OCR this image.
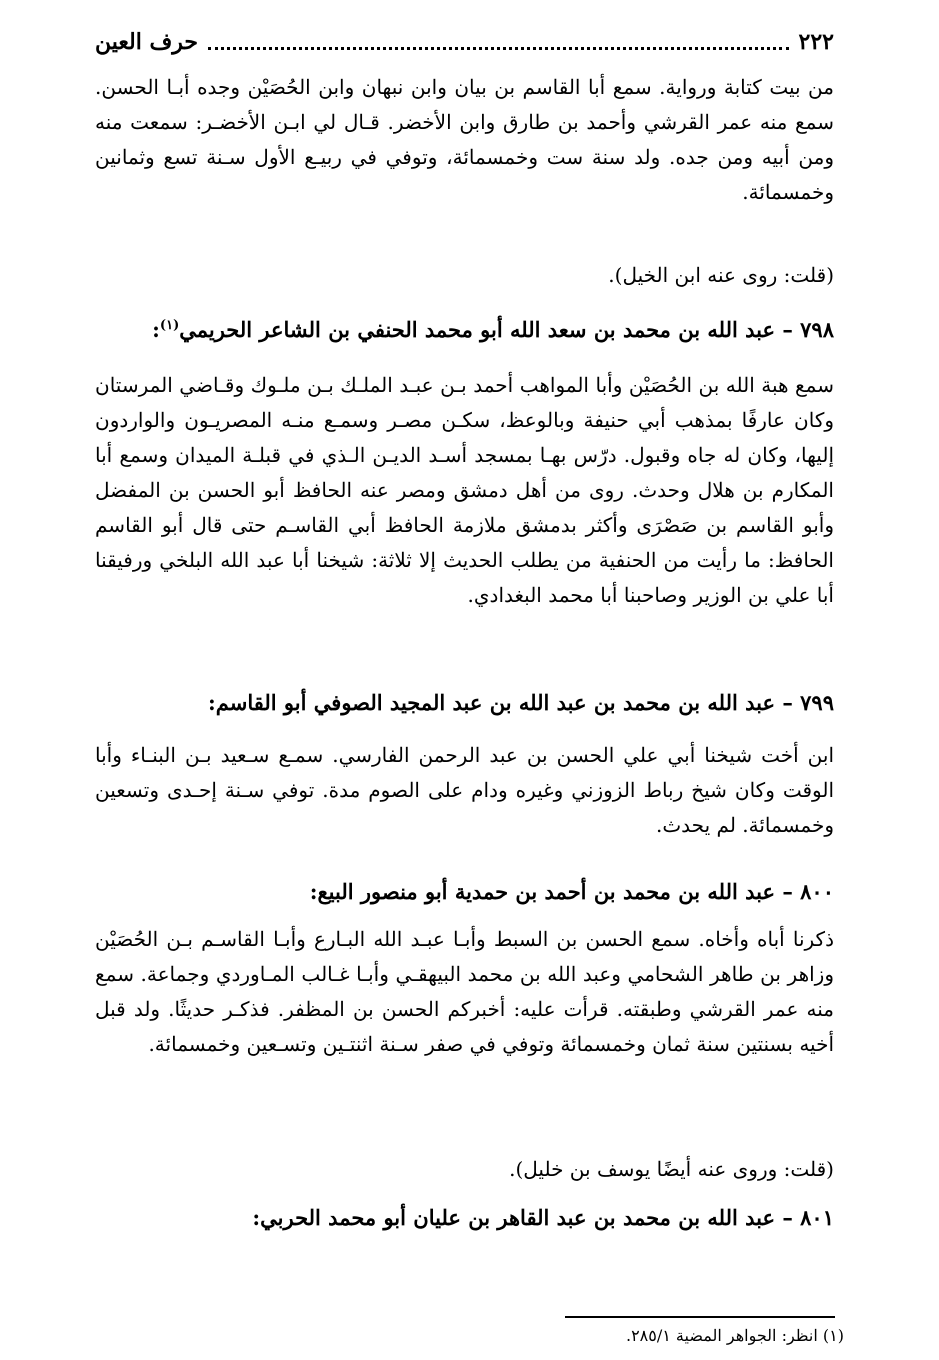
٢٢٢
حرف العين
من بيت كتابة ورواية. سمع أبا القاسم بن بيان وابن نبهان وابن الحُصَيْن وجده أبـا الحسن. سمع منه عمر القرشي وأحمد بن طارق وابن الأخضر. قـال لي ابـن الأخضـر: سمعت منه ومن أبيه ومن جده. ولد سنة ست وخمسمائة، وتوفي في ربيـع الأول سـنة تسع وثمانين وخمسمائة.
(قلت: روى عنه ابن الخيل).
٧٩٨ – عبد الله بن محمد بن سعد الله أبو محمد الحنفي بن الشاعر الحريمي$^{(١)}$:
سمع هبة الله بن الحُصَيْن وأبا المواهب أحمد بـن عبـد الملـك بـن ملـوك وقـاضي المرستان وكان عارفًا بمذهب أبي حنيفة وبالوعظ، سكـن مصـر وسمـع منـه المصريـون والواردون إليها، وكان له جاه وقبول. درّس بهـا بمسجد أسـد الديـن الـذي في قبلـة الميدان وسمع أبا المكارم بن هلال وحدث. روى من أهل دمشق ومصر عنه الحافظ أبو الحسن بن المفضل وأبو القاسم بن صَصْرَى وأكثر بدمشق ملازمة الحافظ أبي القاسـم حتى قال أبو القاسم الحافظ: ما رأيت من الحنفية من يطلب الحديث إلا ثلاثة: شيخنا أبا عبد الله البلخي ورفيقنا أبا علي بن الوزير وصاحبنا أبا محمد البغدادي.
٧٩٩ – عبد الله بن محمد بن عبد الله بن عبد المجيد الصوفي أبو القاسم:
ابن أخت شيخنا أبي علي الحسن بن عبد الرحمن الفارسي. سمـع سـعيد بـن البنـاء وأبا الوقت وكان شيخ رباط الزوزني وغيره ودام على الصوم مدة. توفي سـنة إحـدى وتسعين وخمسمائة. لم يحدث.
٨٠٠ – عبد الله بن محمد بن أحمد بن حمدية أبو منصور البيع:
ذكرنا أباه وأخاه. سمع الحسن بن السبط وأبـا عبـد الله البـارع وأبـا القاسـم بـن الحُصَيْن وزاهر بن طاهر الشحامي وعبد الله بن محمد البيهقـي وأبـا غـالب المـاوردي وجماعة. سمع منه عمر القرشي وطبقته. قرأت عليه: أخبركم الحسن بن المظفر. فذكـر حديثًا. ولد قبل أخيه بسنتين سنة ثمان وخمسمائة وتوفي في صفر سـنة اثنتـين وتسـعين وخمسمائة.
(قلت: وروى عنه أيضًا يوسف بن خليل).
٨٠١ – عبد الله بن محمد بن عبد القاهر بن عليان أبو محمد الحربي:
(١) انظر: الجواهر المضية ٢٨٥/١.
